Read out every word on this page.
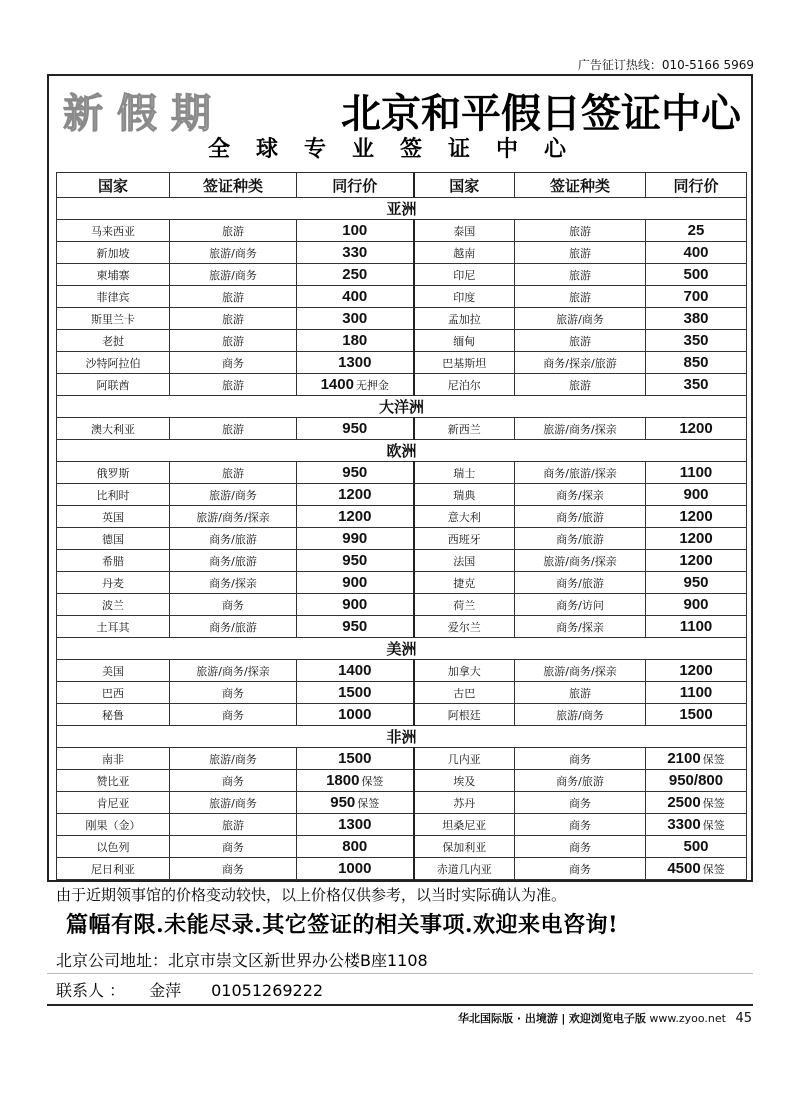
广告征订热线：010-5166 5969
新假期	北京和平假日签证中心
全球专业签证中心
国家	签证种类	同行价	国家	签证种类	同行价
亚洲					
马来西亚	旅游	100	泰国	旅游	25
新加坡	旅游/商务	330	越南	旅游	400
柬埔寨	旅游/商务	250	印尼	旅游	500
菲律宾	旅游	400	印度	旅游	700
斯里兰卡	旅游	300	孟加拉	旅游/商务	380
老挝	旅游	180	缅甸	旅游	350
沙特阿拉伯	商务	1300	巴基斯坦	商务/探亲/旅游	850
阿联酋	旅游	1400 无押金	尼泊尔	旅游	350
大洋洲					
澳大利亚	旅游	950	新西兰	旅游/商务/探亲	1200
欧洲					
俄罗斯	旅游	950	瑞士	商务/旅游/探亲	1100
比利时	旅游/商务	1200	瑞典	商务/探亲	900
英国	旅游/商务/探亲	1200	意大利	商务/旅游	1200
德国	商务/旅游	990	西班牙	商务/旅游	1200
希腊	商务/旅游	950	法国	旅游/商务/探亲	1200
丹麦	商务/探亲	900	捷克	商务/旅游	950
波兰	商务	900	荷兰	商务/访问	900
土耳其	商务/旅游	950	爱尔兰	商务/探亲	1100
美洲					
美国	旅游/商务/探亲	1400	加拿大	旅游/商务/探亲	1200
巴西	商务	1500	古巴	旅游	1100
秘鲁	商务	1000	阿根廷	旅游/商务	1500
非洲					
南非	旅游/商务	1500	几内亚	商务	2100 保签
赞比亚	商务	1800 保签	埃及	商务/旅游	950/800
肯尼亚	旅游/商务	950 保签	苏丹	商务	2500 保签
刚果（金）	旅游	1300	坦桑尼亚	商务	3300 保签
以色列	商务	800	保加利亚	商务	500
尼日利亚	商务	1000	赤道几内亚	商务	4500 保签
由于近期领事馆的价格变动较快，以上价格仅供参考，以当时实际确认为准。
篇幅有限.未能尽录.其它签证的相关事项.欢迎来电咨询!
北京公司地址：北京市崇文区新世界办公楼B座1108
联系人 ： 金萍 01051269222
华北国际版 · 出境游 | 欢迎浏览电子版 www.zyoo.net 45
